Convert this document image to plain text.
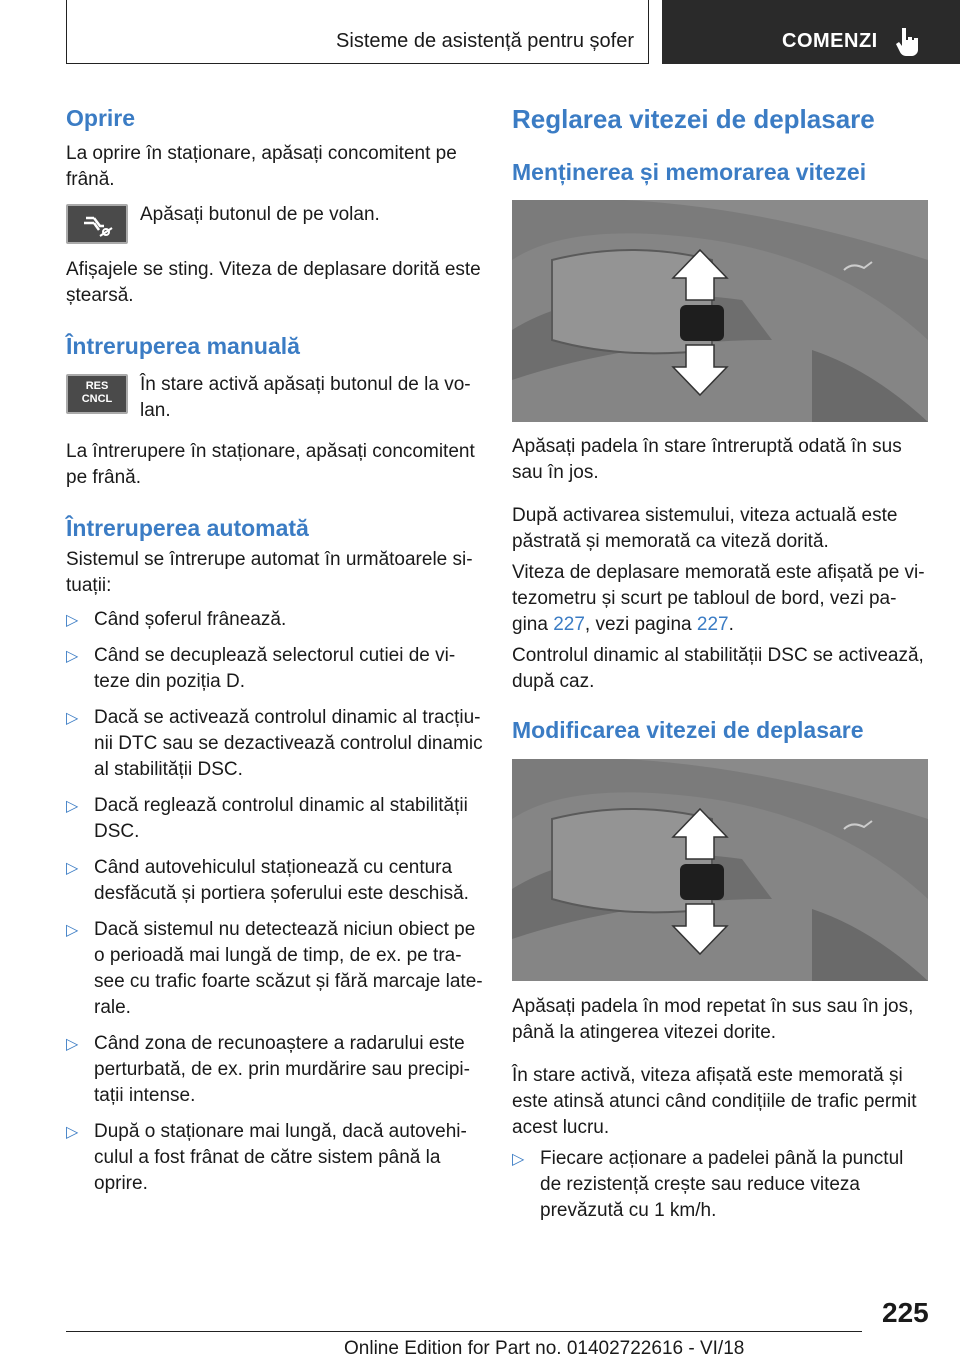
Sisteme de asistență pentru șofer	COMENZI
Oprire
La oprire în staționare, apăsați concomitent pe frână.
Apăsați butonul de pe volan.
Afișajele se sting. Viteza de deplasare dorită este ștearsă.
Întreruperea manuală
RES
CNCL
În stare activă apăsați butonul de la vo-lan.
La întrerupere în staționare, apăsați concomitent pe frână.
Întreruperea automată
Sistemul se întrerupe automat în următoarele si-tuații:
▷ Când șoferul frânează.
▷ Când se decuplează selectorul cutiei de vi-teze din poziția D.
▷ Dacă se activează controlul dinamic al tracțiu-nii DTC sau se dezactivează controlul dinamic al stabilității DSC.
▷ Dacă reglează controlul dinamic al stabilității DSC.
▷ Când autovehiculul staționează cu centura desfăcută și portiera șoferului este deschisă.
▷ Dacă sistemul nu detectează niciun obiect pe o perioadă mai lungă de timp, de ex. pe tra-see cu trafic foarte scăzut și fără marcaje late-rale.
▷ Când zona de recunoaștere a radarului este perturbată, de ex. prin murdărire sau precipi-tații intense.
▷ După o staționare mai lungă, dacă autovehi-culul a fost frânat de către sistem până la oprire.
Reglarea vitezei de deplasare
Menținerea și memorarea vitezei
Apăsați padela în stare întreruptă odată în sus sau în jos.
După activarea sistemului, viteza actuală este păstrată și memorată ca viteză dorită.
Viteza de deplasare memorată este afișată pe vi-tezometru și scurt pe tabloul de bord, vezi pa-gina 227, vezi pagina 227.
Controlul dinamic al stabilității DSC se activează, după caz.
Modificarea vitezei de deplasare
Apăsați padela în mod repetat în sus sau în jos, până la atingerea vitezei dorite.
În stare activă, viteza afișată este memorată și este atinsă atunci când condițiile de trafic permit acest lucru.
▷ Fiecare acționare a padelei până la punctul de rezistență crește sau reduce viteza prevăzută cu 1 km/h.
225
Online Edition for Part no. 01402722616 - VI/18
